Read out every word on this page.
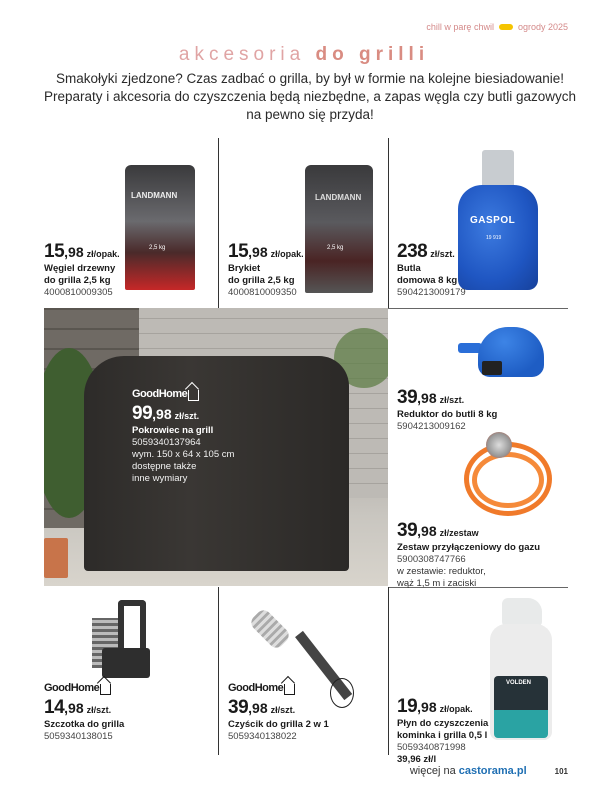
chill w parę chwil	ogrody 2025
akcesoria do grilli
Smakołyki zjedzone? Czas zadbać o grilla, by był w formie na kolejne biesiadowanie! Preparaty i akcesoria do czyszczenia będą niezbędne, a zapas węgla czy butli gazowych na pewno się przyda!
LANDMANN
2,5 kg
LANDMANN
2,5 kg
GASPOL
19 919
15,98 zł/opak.
Węgiel drzewny
do grilla 2,5 kg
4000810009305
15,98 zł/opak.
Brykiet
do grilla 2,5 kg
4000810009350
238 zł/szt.
Butla
domowa 8 kg
5904213009179
GoodHome
99,98 zł/szt.
Pokrowiec na grill
5059340137964
wym. 150 x 64 x 105 cm
dostępne także
inne wymiary
39,98 zł/szt.
Reduktor do butli 8 kg
5904213009162
39,98 zł/zestaw
Zestaw przyłączeniowy do gazu
5900308747766
w zestawie: reduktor,
wąż 1,5 m i zaciski
VOLDEN
GoodHome
14,98 zł/szt.
Szczotka do grilla
5059340138015
GoodHome
39,98 zł/szt.
Czyścik do grilla 2 w 1
5059340138022
19,98 zł/opak.
Płyn do czyszczenia
kominka i grilla 0,5 l
5059340871998
39,96 zł/l
więcej na castorama.pl	101
